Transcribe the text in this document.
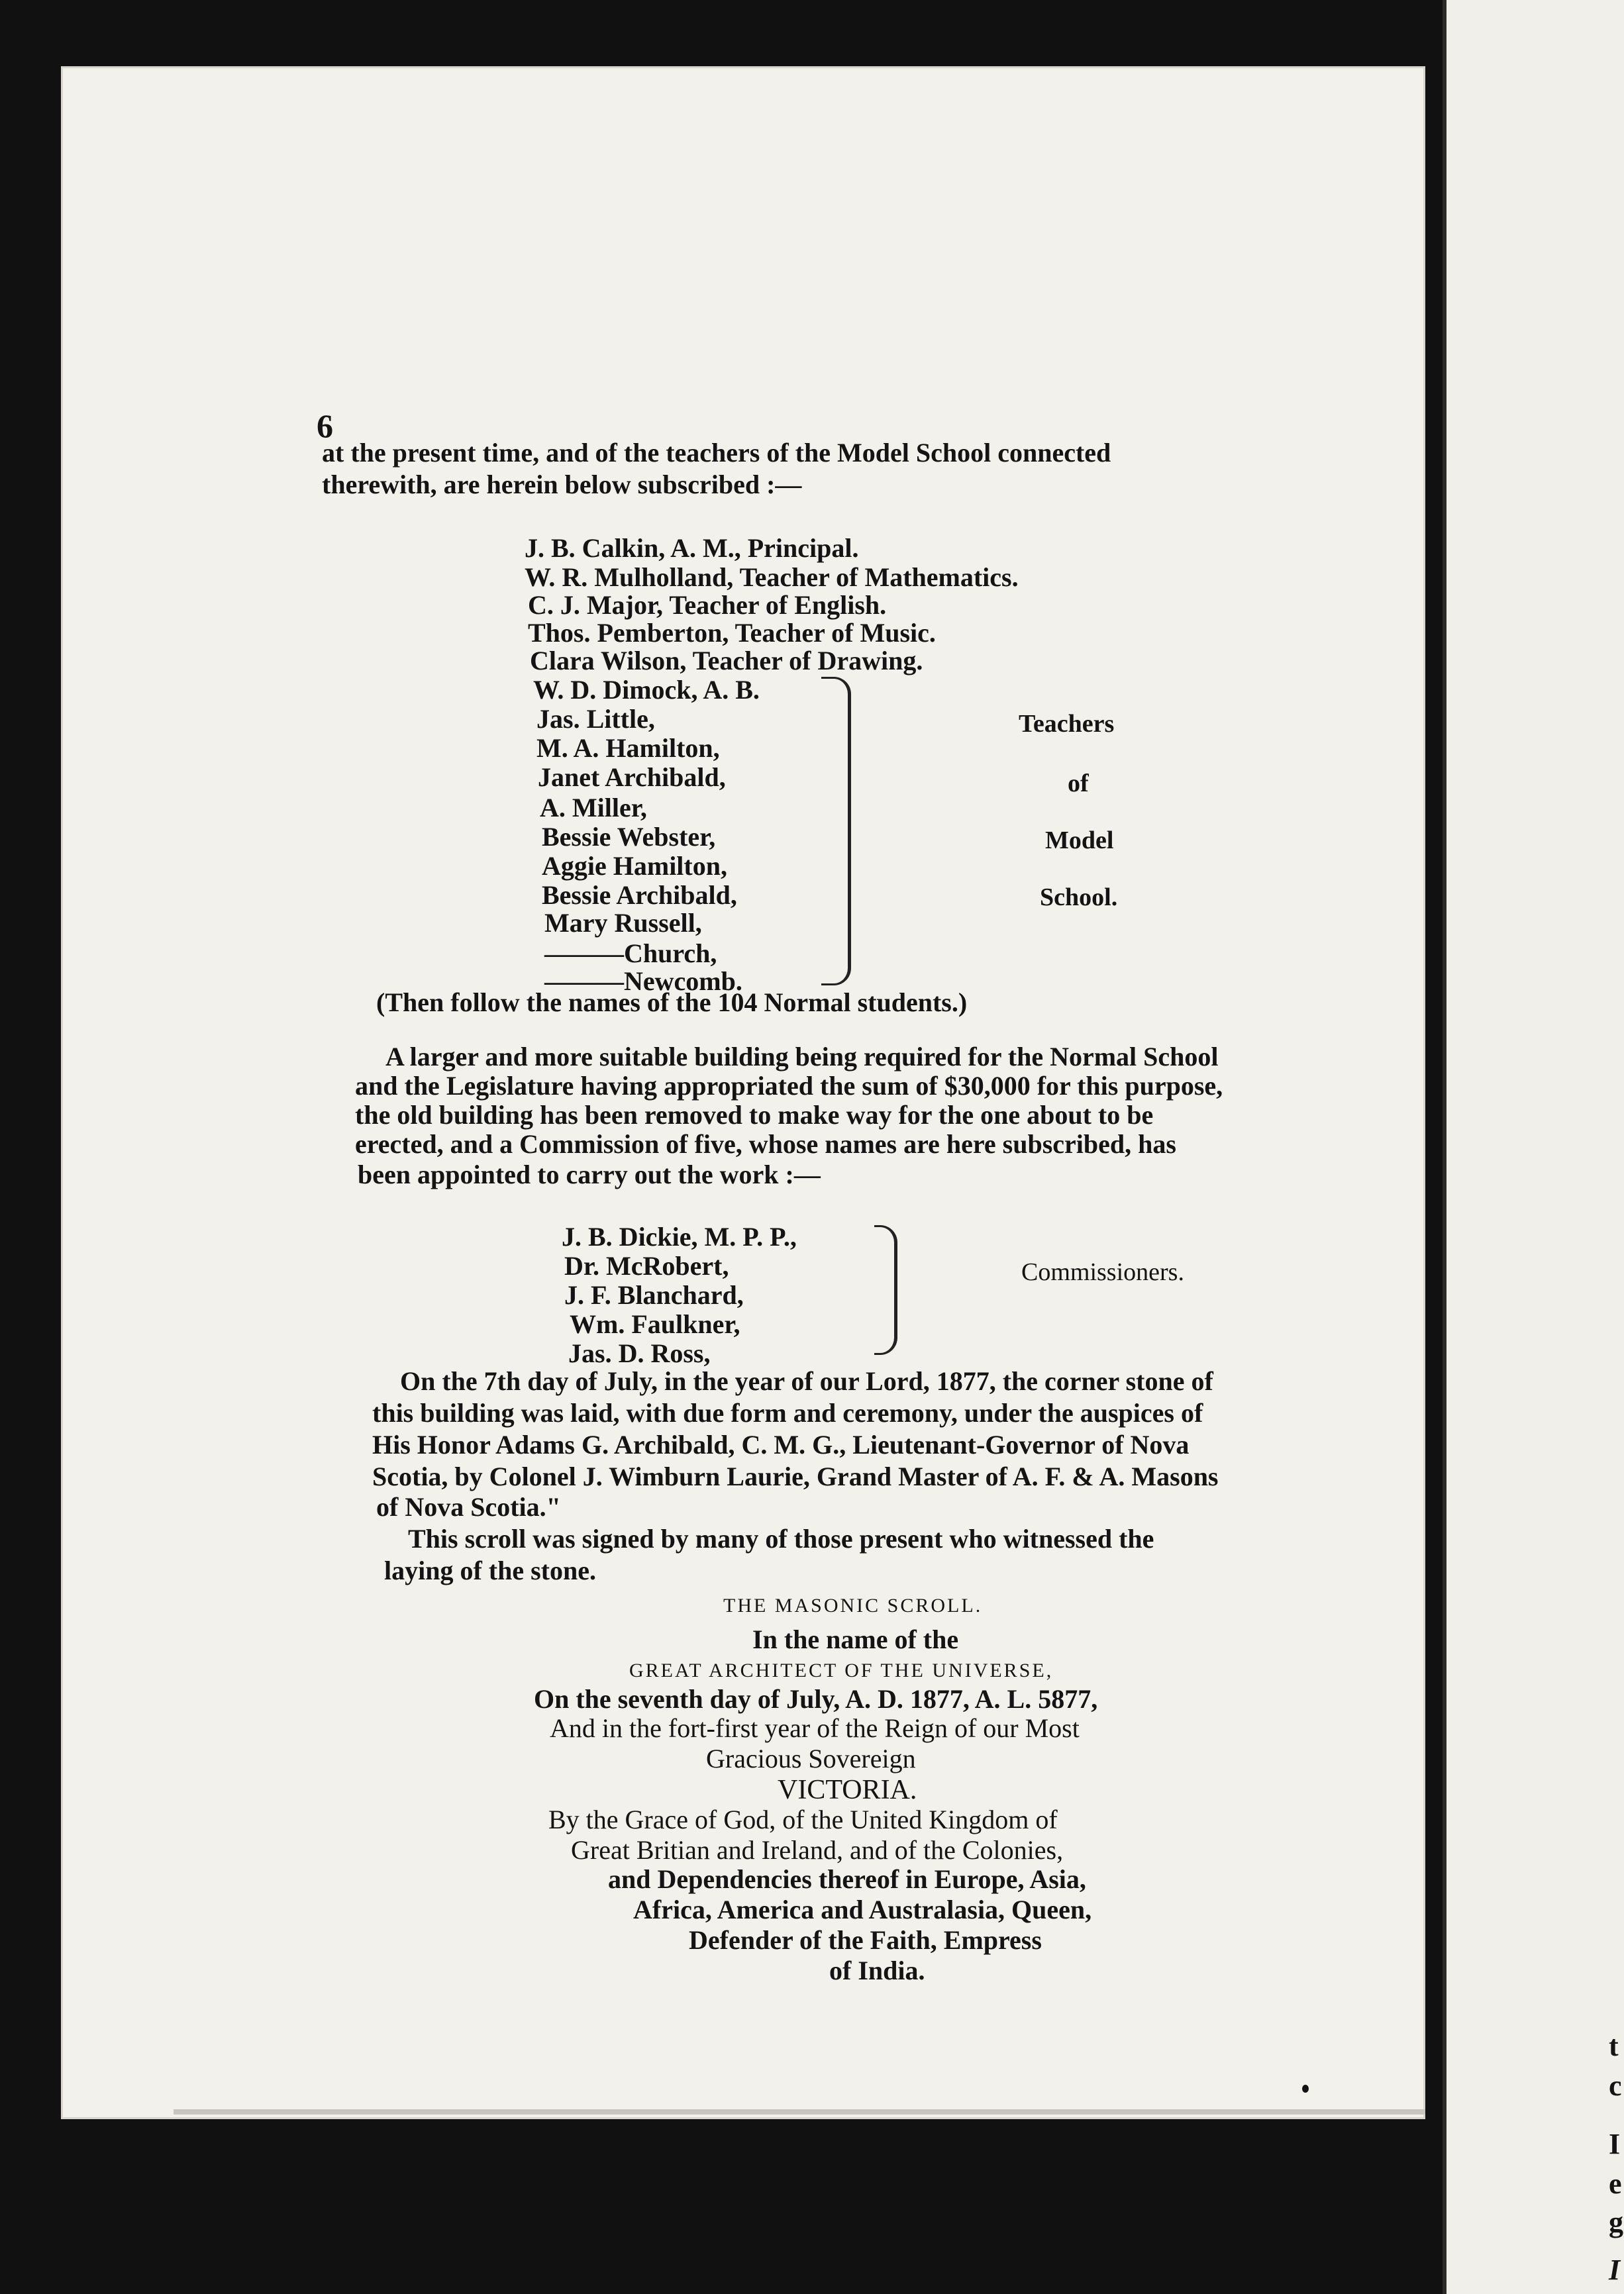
t
c
I
e
g
I
6
at the present time, and of the teachers of the Model School connected
therewith, are herein below subscribed :—
J. B. Calkin, A. M., Principal.
W. R. Mulholland, Teacher of Mathematics.
C. J. Major, Teacher of English.
Thos. Pemberton, Teacher of Music.
Clara Wilson, Teacher of Drawing.
W. D. Dimock, A. B.
Jas. Little,
M. A. Hamilton,
Janet Archibald,
A. Miller,
Bessie Webster,
Aggie Hamilton,
Bessie Archibald,
Mary Russell,
———Church,
———Newcomb.
Teachers
of
Model
School.
(Then follow the names of the 104 Normal students.)
A larger and more suitable building being required for the Normal School
and the Legislature having appropriated the sum of $30,000 for this purpose,
the old building has been removed to make way for the one about to be
erected, and a Commission of five, whose names are here subscribed, has
been appointed to carry out the work :—
J. B. Dickie, M. P. P.,
Dr. McRobert,
J. F. Blanchard,
Wm. Faulkner,
Jas. D. Ross,
Commissioners.
On the 7th day of July, in the year of our Lord, 1877, the corner stone of
this building was laid, with due form and ceremony, under the auspices of
His Honor Adams G. Archibald, C. M. G., Lieutenant-Governor of Nova
Scotia, by Colonel J. Wimburn Laurie, Grand Master of A. F. & A. Masons
of Nova Scotia."
This scroll was signed by many of those present who witnessed the
laying of the stone.
THE MASONIC SCROLL.
In the name of the
GREAT ARCHITECT OF THE UNIVERSE,
On the seventh day of July, A. D. 1877, A. L. 5877,
And in the fort-first year of the Reign of our Most
Gracious Sovereign
VICTORIA.
By the Grace of God, of the United Kingdom of
Great Britian and Ireland, and of the Colonies,
and Dependencies thereof in Europe, Asia,
Africa, America and Australasia, Queen,
Defender of the Faith, Empress
of India.
